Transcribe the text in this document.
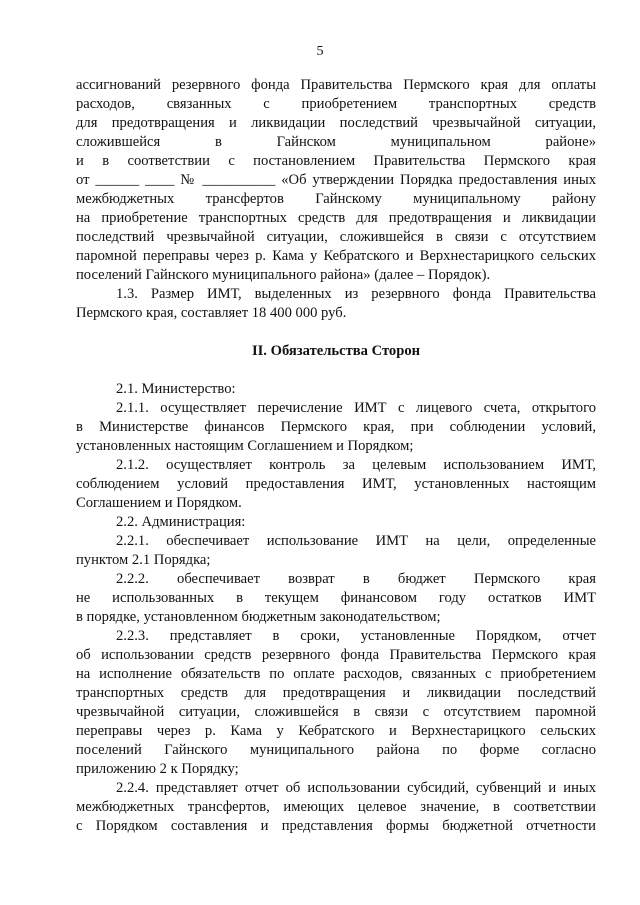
5
ассигнований резервного фонда Правительства Пермского края для оплаты
расходов, связанных с приобретением транспортных средств
для предотвращения и ликвидации последствий чрезвычайной ситуации,
сложившейся в Гайнском муниципальном районе»
и в соответствии с постановлением Правительства Пермского края
от ______ ____ № __________ «Об утверждении Порядка предоставления иных
межбюджетных трансфертов Гайнскому муниципальному району
на приобретение транспортных средств для предотвращения и ликвидации
последствий чрезвычайной ситуации, сложившейся в связи с отсутствием
паромной переправы через р. Кама у Кебратского и Верхнестарицкого сельских
поселений Гайнского муниципального района» (далее – Порядок).
1.3. Размер ИМТ, выделенных из резервного фонда Правительства
Пермского края, составляет 18 400 000 руб.
II. Обязательства Сторон
2.1. Министерство:
2.1.1. осуществляет перечисление ИМТ с лицевого счета, открытого
в Министерстве финансов Пермского края, при соблюдении условий,
установленных настоящим Соглашением и Порядком;
2.1.2. осуществляет контроль за целевым использованием ИМТ,
соблюдением условий предоставления ИМТ, установленных настоящим
Соглашением и Порядком.
2.2. Администрация:
2.2.1. обеспечивает использование ИМТ на цели, определенные
пунктом 2.1 Порядка;
2.2.2. обеспечивает возврат в бюджет Пермского края
не использованных в текущем финансовом году остатков ИМТ
в порядке, установленном бюджетным законодательством;
2.2.3. представляет в сроки, установленные Порядком, отчет
об использовании средств резервного фонда Правительства Пермского края
на исполнение обязательств по оплате расходов, связанных с приобретением
транспортных средств для предотвращения и ликвидации последствий
чрезвычайной ситуации, сложившейся в связи с отсутствием паромной
переправы через р. Кама у Кебратского и Верхнестарицкого сельских
поселений Гайнского муниципального района по форме согласно
приложению 2 к Порядку;
2.2.4. представляет отчет об использовании субсидий, субвенций и иных
межбюджетных трансфертов, имеющих целевое значение, в соответствии
с Порядком составления и представления формы бюджетной отчетности
